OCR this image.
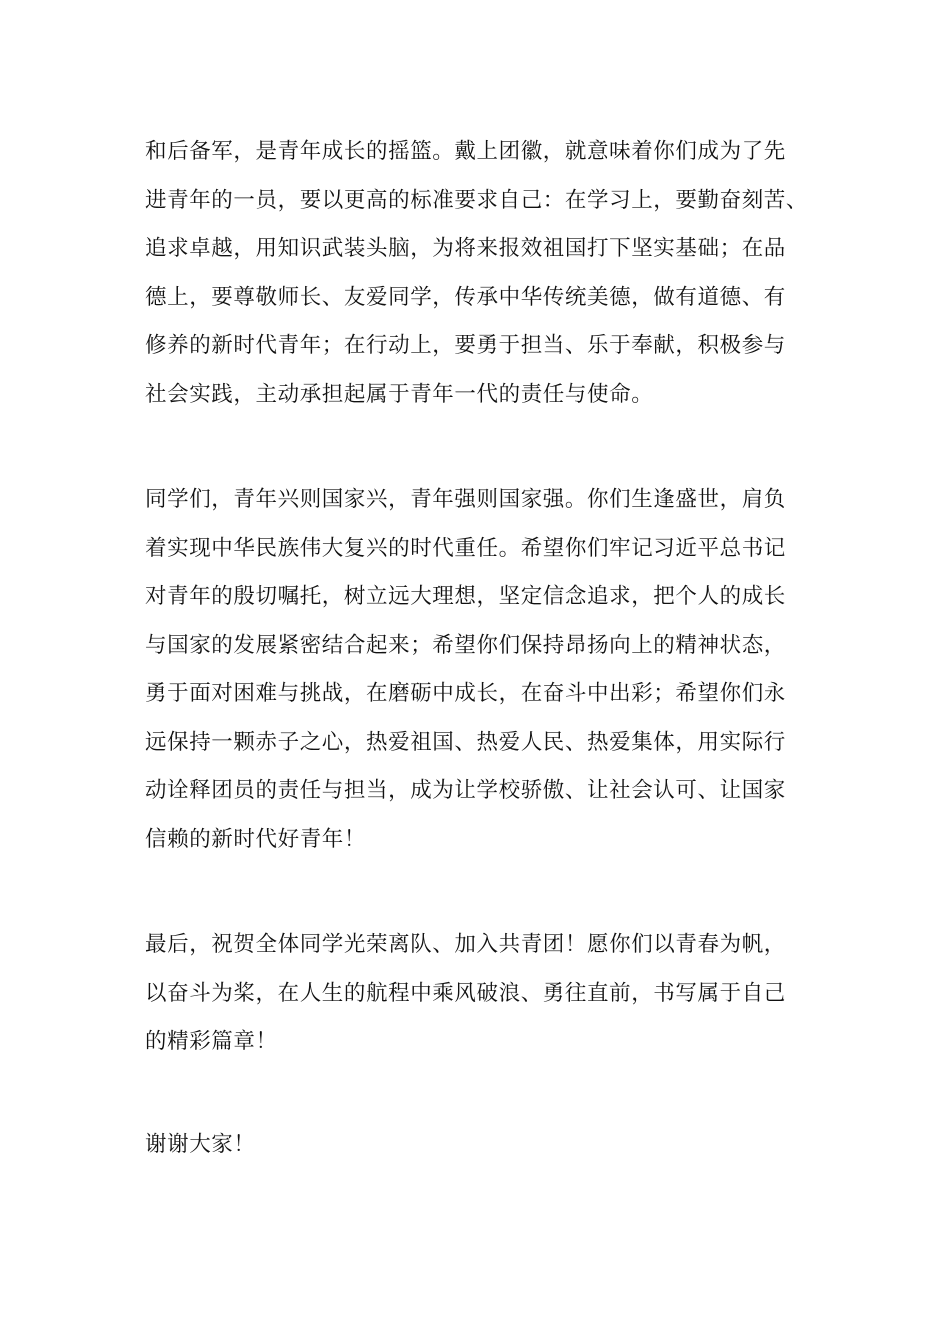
和后备军，是青年成长的摇篮。戴上团徽，就意味着你们成为了先
进青年的一员，要以更高的标准要求自己：在学习上，要勤奋刻苦、
追求卓越，用知识武装头脑，为将来报效祖国打下坚实基础；在品
德上，要尊敬师长、友爱同学，传承中华传统美德，做有道德、有
修养的新时代青年；在行动上，要勇于担当、乐于奉献，积极参与
社会实践，主动承担起属于青年一代的责任与使命。
同学们，青年兴则国家兴，青年强则国家强。你们生逢盛世，肩负
着实现中华民族伟大复兴的时代重任。希望你们牢记习近平总书记
对青年的殷切嘱托，树立远大理想，坚定信念追求，把个人的成长
与国家的发展紧密结合起来；希望你们保持昂扬向上的精神状态，
勇于面对困难与挑战，在磨砺中成长，在奋斗中出彩；希望你们永
远保持一颗赤子之心，热爱祖国、热爱人民、热爱集体，用实际行
动诠释团员的责任与担当，成为让学校骄傲、让社会认可、让国家
信赖的新时代好青年！
最后，祝贺全体同学光荣离队、加入共青团！愿你们以青春为帆，
以奋斗为桨，在人生的航程中乘风破浪、勇往直前，书写属于自己
的精彩篇章！
谢谢大家！
